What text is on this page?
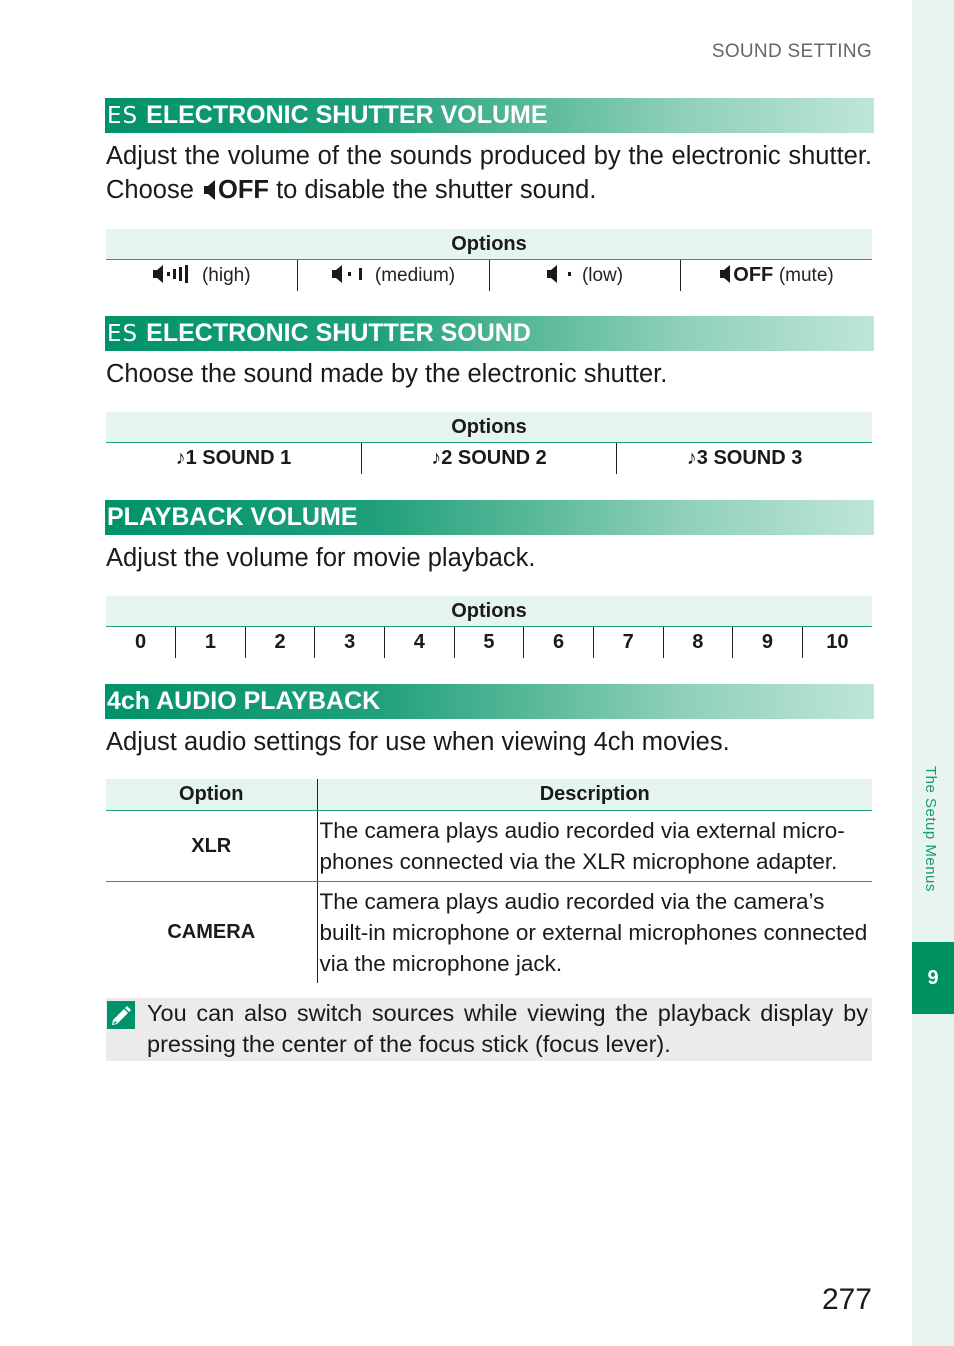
The Setup Menus
9
SOUND SETTING
ES ELECTRONIC SHUTTER VOLUME
Adjust the volume of the sounds produced by the electronic shutter. Choose OFF to disable the shutter sound.
Options
(high)	(medium)	(low)	OFF (mute)
ES ELECTRONIC SHUTTER SOUND
Choose the sound made by the electronic shutter.
Options
♪1 SOUND 1	♪2 SOUND 2	♪3 SOUND 3
PLAYBACK VOLUME
Adjust the volume for movie playback.
Options
0	1	2	3	4	5	6	7	8	9	10
4ch AUDIO PLAYBACK
Adjust audio settings for use when viewing 4ch movies.
Option	Description
XLR	The camera plays audio recorded via external micro-phones connected via the XLR microphone adapter.
CAMERA	The camera plays audio recorded via the camera’s built-in microphone or external microphones connected via the microphone jack.
You can also switch sources while viewing the playback display by pressing the center of the focus stick (focus lever).
277
